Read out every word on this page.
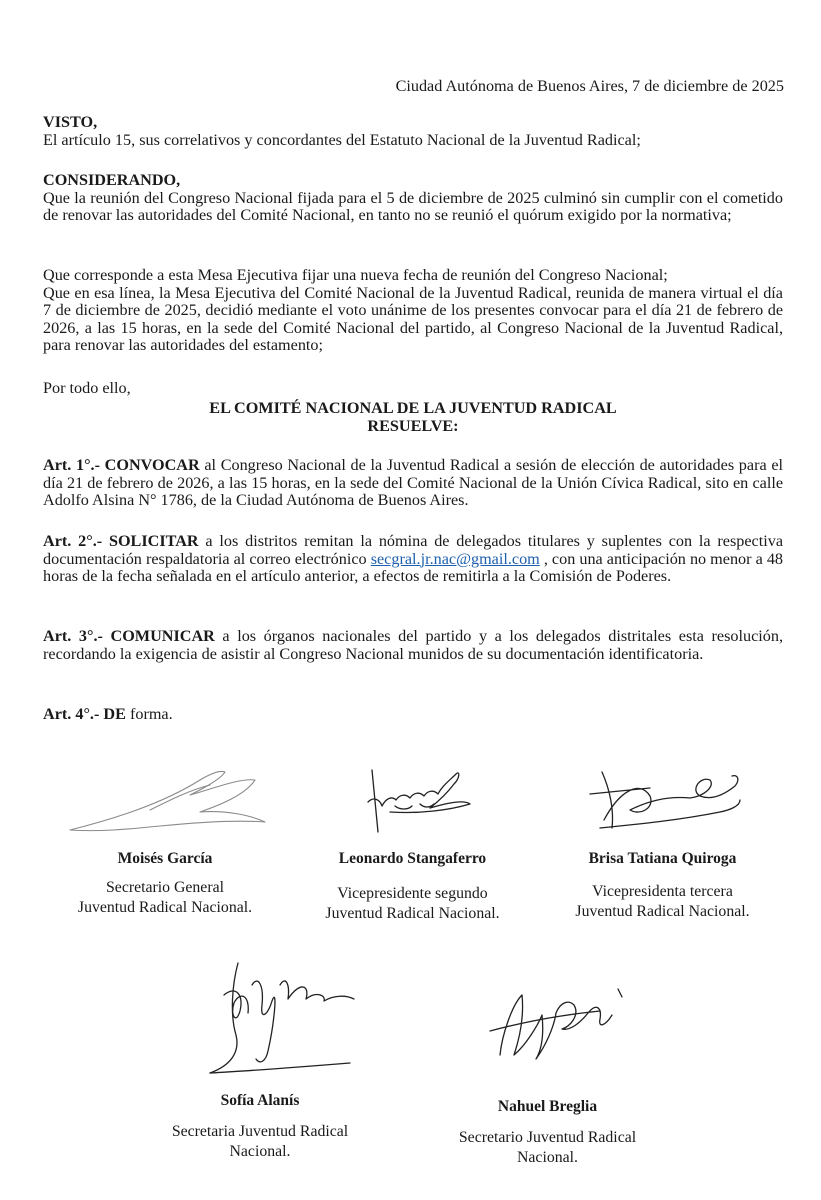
Ciudad Autónoma de Buenos Aires, 7 de diciembre de 2025

VISTO,

El artículo 15, sus correlativos y concordantes del Estatuto Nacional de la Juventud Radical;

CONSIDERANDO,

Que la reunión del Congreso Nacional fijada para el 5 de diciembre de 2025 culminó sin cumplir con el cometido de renovar las autoridades del Comité Nacional, en tanto no se reunió el quórum exigido por la normativa;

Que corresponde a esta Mesa Ejecutiva fijar una nueva fecha de reunión del Congreso Nacional;

Que en esa línea, la Mesa Ejecutiva del Comité Nacional de la Juventud Radical, reunida de manera virtual el día 7 de diciembre de 2025, decidió mediante el voto unánime de los presentes convocar para el día 21 de febrero de 2026, a las 15 horas, en la sede del Comité Nacional del partido, al Congreso Nacional de la Juventud Radical, para renovar las autoridades del estamento;

Por todo ello,
EL COMITÉ NACIONAL DE LA JUVENTUD RADICAL
RESUELVE:

Art. 1°.- CONVOCAR al Congreso Nacional de la Juventud Radical a sesión de elección de autoridades para el día 21 de febrero de 2026, a las 15 horas, en la sede del Comité Nacional de la Unión Cívica Radical, sito en calle Adolfo Alsina N° 1786, de la Ciudad Autónoma de Buenos Aires.

Art. 2°.- SOLICITAR a los distritos remitan la nómina de delegados titulares y suplentes con la respectiva documentación respaldatoria al correo electrónico secgral.jr.nac@gmail.com , con una anticipación no menor a 48 horas de la fecha señalada en el artículo anterior, a efectos de remitirla a la Comisión de Poderes.

Art. 3°.- COMUNICAR a los órganos nacionales del partido y a los delegados distritales esta resolución, recordando la exigencia de asistir al Congreso Nacional munidos de su documentación identificatoria.

Art. 4°.- DE forma.

Moisés García
Secretario General
Juventud Radical Nacional.
Leonardo Stangaferro
Vicepresidente segundo
Juventud Radical Nacional.
Brisa Tatiana Quiroga
Vicepresidenta tercera
Juventud Radical Nacional.
Sofía Alanís
Secretaria Juventud Radical
Nacional.
Nahuel Breglia
Secretario Juventud Radical
Nacional.
